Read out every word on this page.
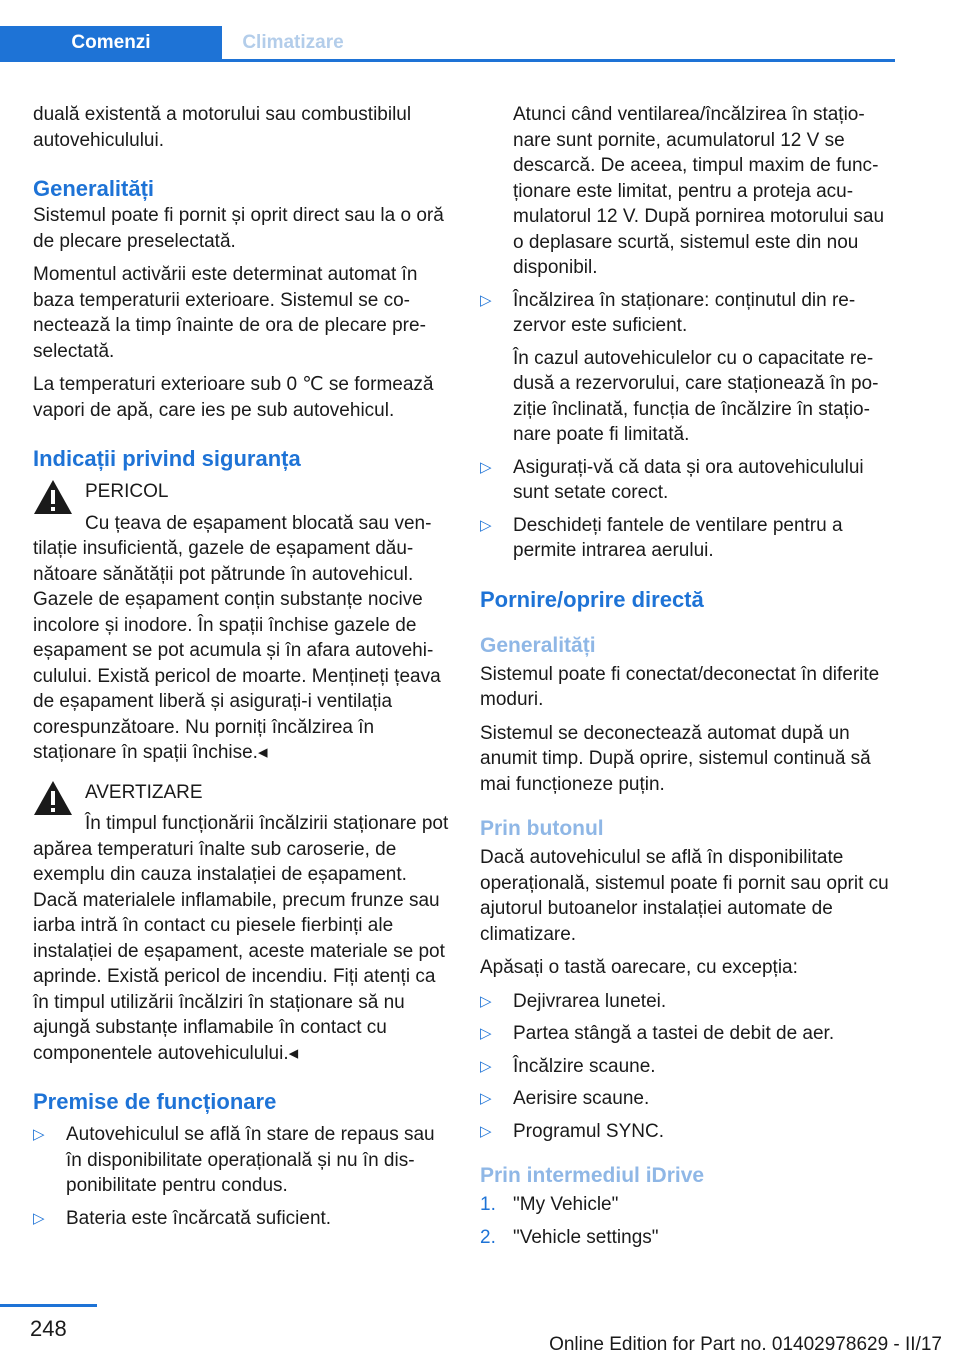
Comenzi	Climatizare

duală existentă a motorului sau combustibilul autovehiculului.

Generalități

Sistemul poate fi pornit și oprit direct sau la o oră de plecare preselectată.

Momentul activării este determinat automat în baza temperaturii exterioare. Sistemul se conectează la timp înainte de ora de plecare preselectată.

La temperaturi exterioare sub 0 ℃ se formează vapori de apă, care ies pe sub autovehicul.

Indicații privind siguranța
PERICOL
Cu țeava de eșapament blocată sau ventilație insuficientă, gazele de eșapament dăunătoare sănătății pot pătrunde în autovehicul. Gazele de eșapament conțin substanțe nocive incolore și inodore. În spații închise gazele de eșapament se pot acumula și în afara autovehiculului. Există pericol de moarte. Mențineți țeava de eșapament liberă și asigurați-i ventilația corespunzătoare. Nu porniți încălzirea în staționare în spații închise.◂
AVERTIZARE
În timpul funcționării încălzirii staționare pot apărea temperaturi înalte sub caroserie, de exemplu din cauza instalației de eșapament. Dacă materialele inflamabile, precum frunze sau iarba intră în contact cu piesele fierbinți ale instalației de eșapament, aceste materiale se pot aprinde. Există pericol de incendiu. Fiți atenți ca în timpul utilizării încălziri în staționare să nu ajungă substanțe inflamabile în contact cu componentele autovehiculului.◂
Premise de funcționare
▷ Autovehiculul se află în stare de repaus sau în disponibilitate operațională și nu în disponibilitate pentru condus.
▷ Bateria este încărcată suficient.
Atunci când ventilarea/încălzirea în staționare sunt pornite, acumulatorul 12 V se descarcă. De aceea, timpul maxim de funcționare este limitat, pentru a proteja acumulatorul 12 V. După pornirea motorului sau o deplasare scurtă, sistemul este din nou disponibil.
▷ Încălzirea în staționare: conținutul din rezervor este suficient.
În cazul autovehiculelor cu o capacitate redusă a rezervorului, care staționează în poziție înclinată, funcția de încălzire în staționare poate fi limitată.
▷ Asigurați-vă că data și ora autovehiculului sunt setate corect.
▷ Deschideți fantele de ventilare pentru a permite intrarea aerului.
Pornire/oprire directă
Generalități

Sistemul poate fi conectat/deconectat în diferite moduri.

Sistemul se deconectează automat după un anumit timp. După oprire, sistemul continuă să mai funcționeze puțin.

Prin butonul

Dacă autovehiculul se află în disponibilitate operațională, sistemul poate fi pornit sau oprit cu ajutorul butoanelor instalației automate de climatizare.

Apăsați o tastă oarecare, cu excepția:

▷ Dejivrarea lunetei.
▷ Partea stângă a tastei de debit de aer.
▷ Încălzire scaune.
▷ Aerisire scaune.
▷ Programul SYNC.
Prin intermediul iDrive
1. "My Vehicle"
2. "Vehicle settings"
248
Online Edition for Part no. 01402978629 - II/17
